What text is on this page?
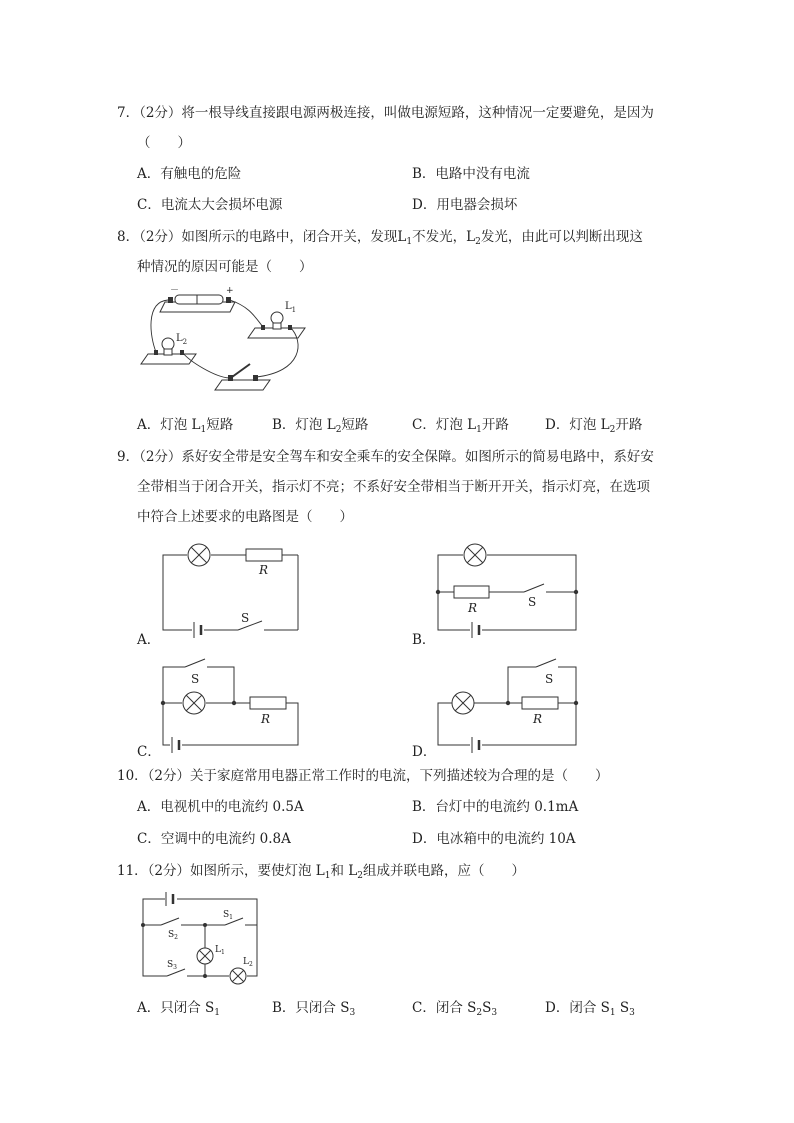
7．（2分）将一根导线直接跟电源两极连接，叫做电源短路，这种情况一定要避免，是因为
（　　）
A．有触电的危险	B．电路中没有电流
C．电流太大会损坏电源	D．用电器会损坏
8．（2分）如图所示的电路中，闭合开关，发现$L_1$不发光，$L_2$发光，由此可以判断出现这
种情况的原因可能是（　　）
－	+
$L_1$
$L_2$
A．灯泡 $L_1$短路	B．灯泡 $L_2$短路	C．灯泡 $L_1$开路	D．灯泡 $L_2$开路
9．（2分）系好安全带是安全驾车和安全乘车的安全保障。如图所示的简易电路中，系好安
全带相当于闭合开关，指示灯不亮；不系好安全带相当于断开开关，指示灯亮，在选项
中符合上述要求的电路图是（　　）
R
S
A．
R	S
B．
R
S
C．
R
S
D．
10．（2分）关于家庭常用电器正常工作时的电流，下列描述较为合理的是（　　）
A．电视机中的电流约 0.5A	B．台灯中的电流约 0.1mA
C．空调中的电流约 0.8A	D．电冰箱中的电流约 10A
11．（2分）如图所示，要使灯泡 $L_1$和 $L_2$组成并联电路，应（　　）
$S_2$
$S_1$
$S_3$
$L_1$
$L_2$
A．只闭合 $S_1$	B．只闭合 $S_3$	C．闭合 $S_2S_3$	D．闭合 $S_1$ $S_3$
